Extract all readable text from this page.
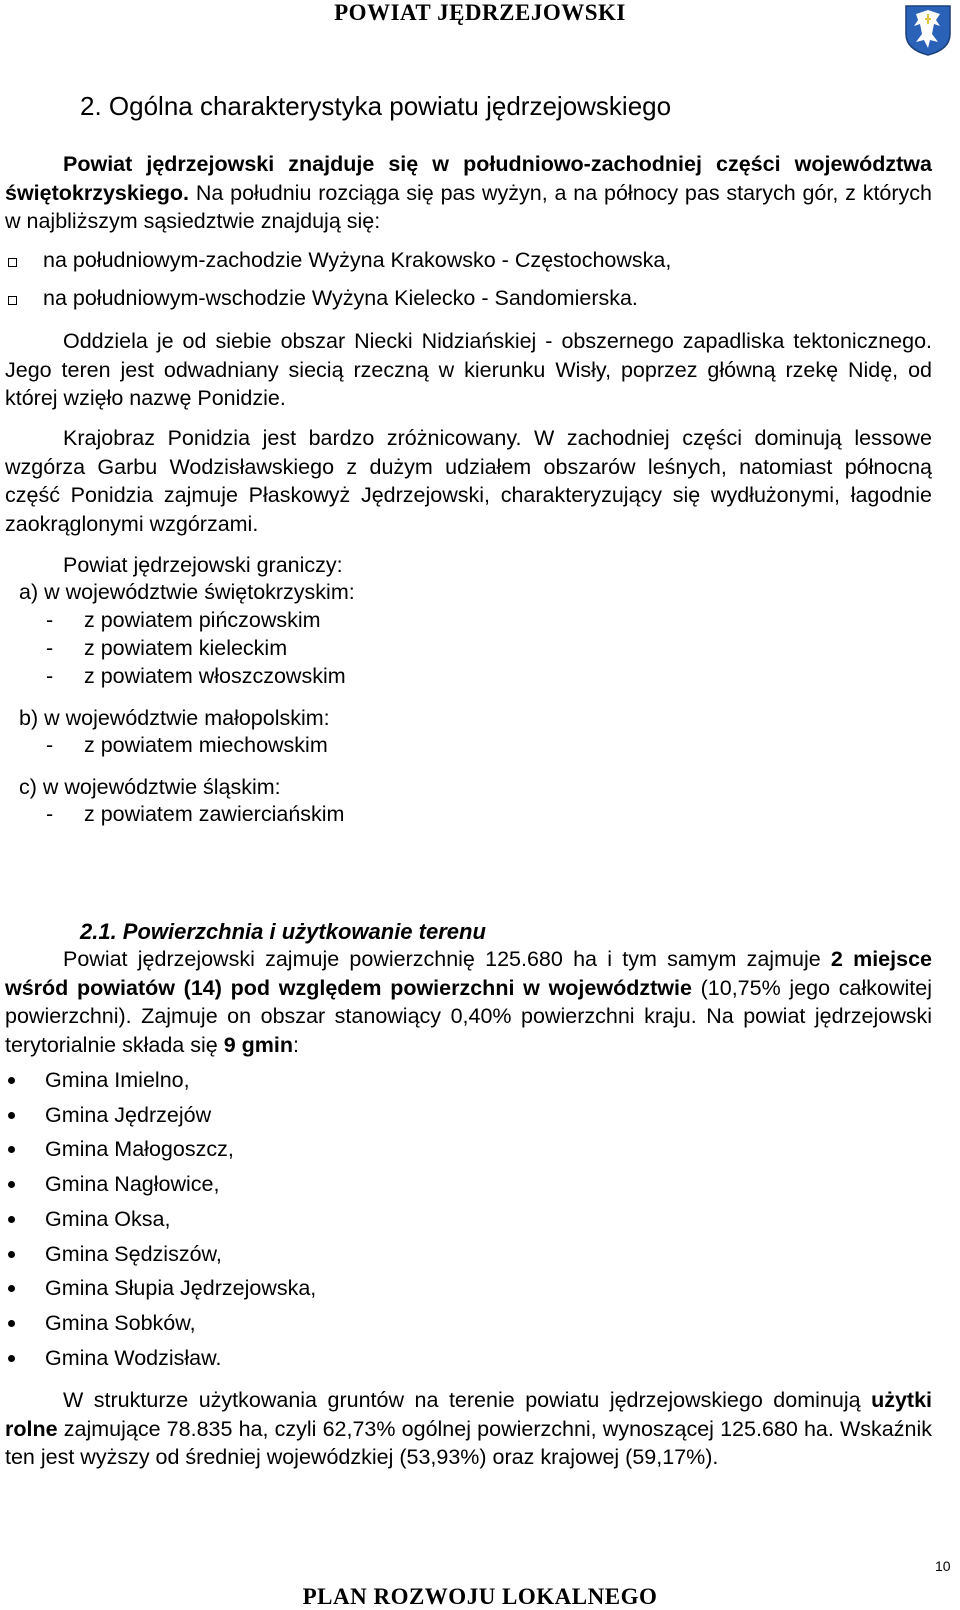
POWIAT JĘDRZEJOWSKI
2. Ogólna charakterystyka powiatu jędrzejowskiego
Powiat jędrzejowski znajduje się w południowo-zachodniej części województwa świętokrzyskiego. Na południu rozciąga się pas wyżyn, a na północy pas starych gór, z których w najbliższym sąsiedztwie znajdują się:
na południowym-zachodzie Wyżyna Krakowsko - Częstochowska,
na południowym-wschodzie Wyżyna Kielecko - Sandomierska.
Oddziela je od siebie obszar Niecki Nidziańskiej - obszernego zapadliska tektonicznego. Jego teren jest odwadniany siecią rzeczną w kierunku Wisły, poprzez główną rzekę Nidę, od której wzięło nazwę Ponidzie.
Krajobraz Ponidzia jest bardzo zróżnicowany. W zachodniej części dominują lessowe wzgórza Garbu Wodzisławskiego z dużym udziałem obszarów leśnych, natomiast północną część Ponidzia zajmuje Płaskowyż Jędrzejowski, charakteryzujący się wydłużonymi, łagodnie zaokrąglonymi wzgórzami.
Powiat jędrzejowski graniczy:
a) w województwie świętokrzyskim:
- z powiatem pińczowskim
- z powiatem kieleckim
- z powiatem włoszczowskim
b) w województwie małopolskim:
- z powiatem miechowskim
c) w województwie śląskim:
- z powiatem zawierciańskim
2.1. Powierzchnia i użytkowanie terenu
Powiat jędrzejowski zajmuje powierzchnię 125.680 ha i tym samym zajmuje 2 miejsce wśród powiatów (14) pod względem powierzchni w województwie (10,75% jego całkowitej powierzchni). Zajmuje on obszar stanowiący 0,40% powierzchni kraju. Na powiat jędrzejowski terytorialnie składa się 9 gmin:
Gmina Imielno,
Gmina Jędrzejów
Gmina Małogoszcz,
Gmina Nagłowice,
Gmina Oksa,
Gmina Sędziszów,
Gmina Słupia Jędrzejowska,
Gmina Sobków,
Gmina Wodzisław.
W strukturze użytkowania gruntów na terenie powiatu jędrzejowskiego dominują użytki rolne zajmujące 78.835 ha, czyli 62,73% ogólnej powierzchni, wynoszącej 125.680 ha. Wskaźnik ten jest wyższy od średniej wojewódzkiej (53,93%) oraz krajowej (59,17%).
PLAN ROZWOJU LOKALNEGO
10
